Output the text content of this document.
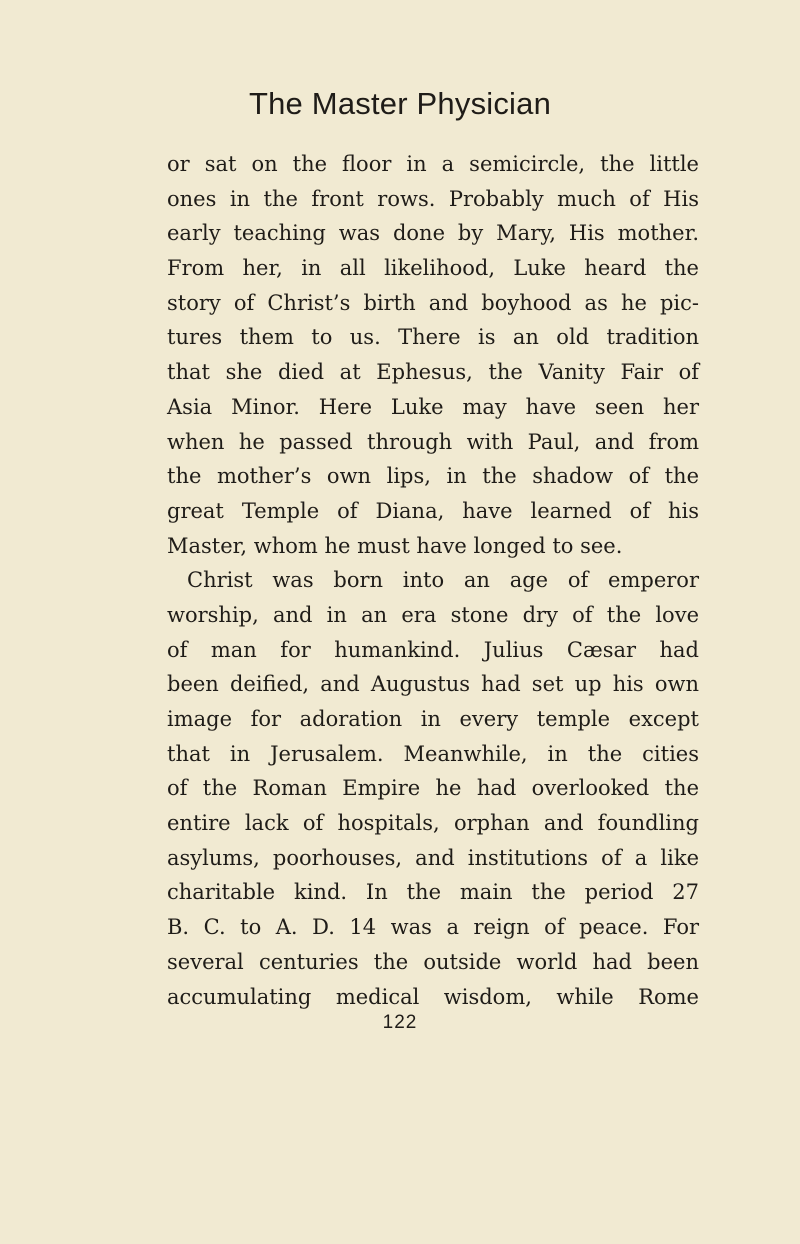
The Master Physician
or sat on the floor in a semicircle, the little
ones in the front rows. Probably much of His
early teaching was done by Mary, His mother.
From her, in all likelihood, Luke heard the
story of Christ’s birth and boyhood as he pic-
tures them to us. There is an old tradition
that she died at Ephesus, the Vanity Fair of
Asia Minor. Here Luke may have seen her
when he passed through with Paul, and from
the mother’s own lips, in the shadow of the
great Temple of Diana, have learned of his
Master, whom he must have longed to see.
Christ was born into an age of emperor
worship, and in an era stone dry of the love
of man for humankind. Julius Cæsar had
been deified, and Augustus had set up his own
image for adoration in every temple except
that in Jerusalem. Meanwhile, in the cities
of the Roman Empire he had overlooked the
entire lack of hospitals, orphan and foundling
asylums, poorhouses, and institutions of a like
charitable kind. In the main the period 27
B. C. to A. D. 14 was a reign of peace. For
several centuries the outside world had been
accumulating medical wisdom, while Rome
122
